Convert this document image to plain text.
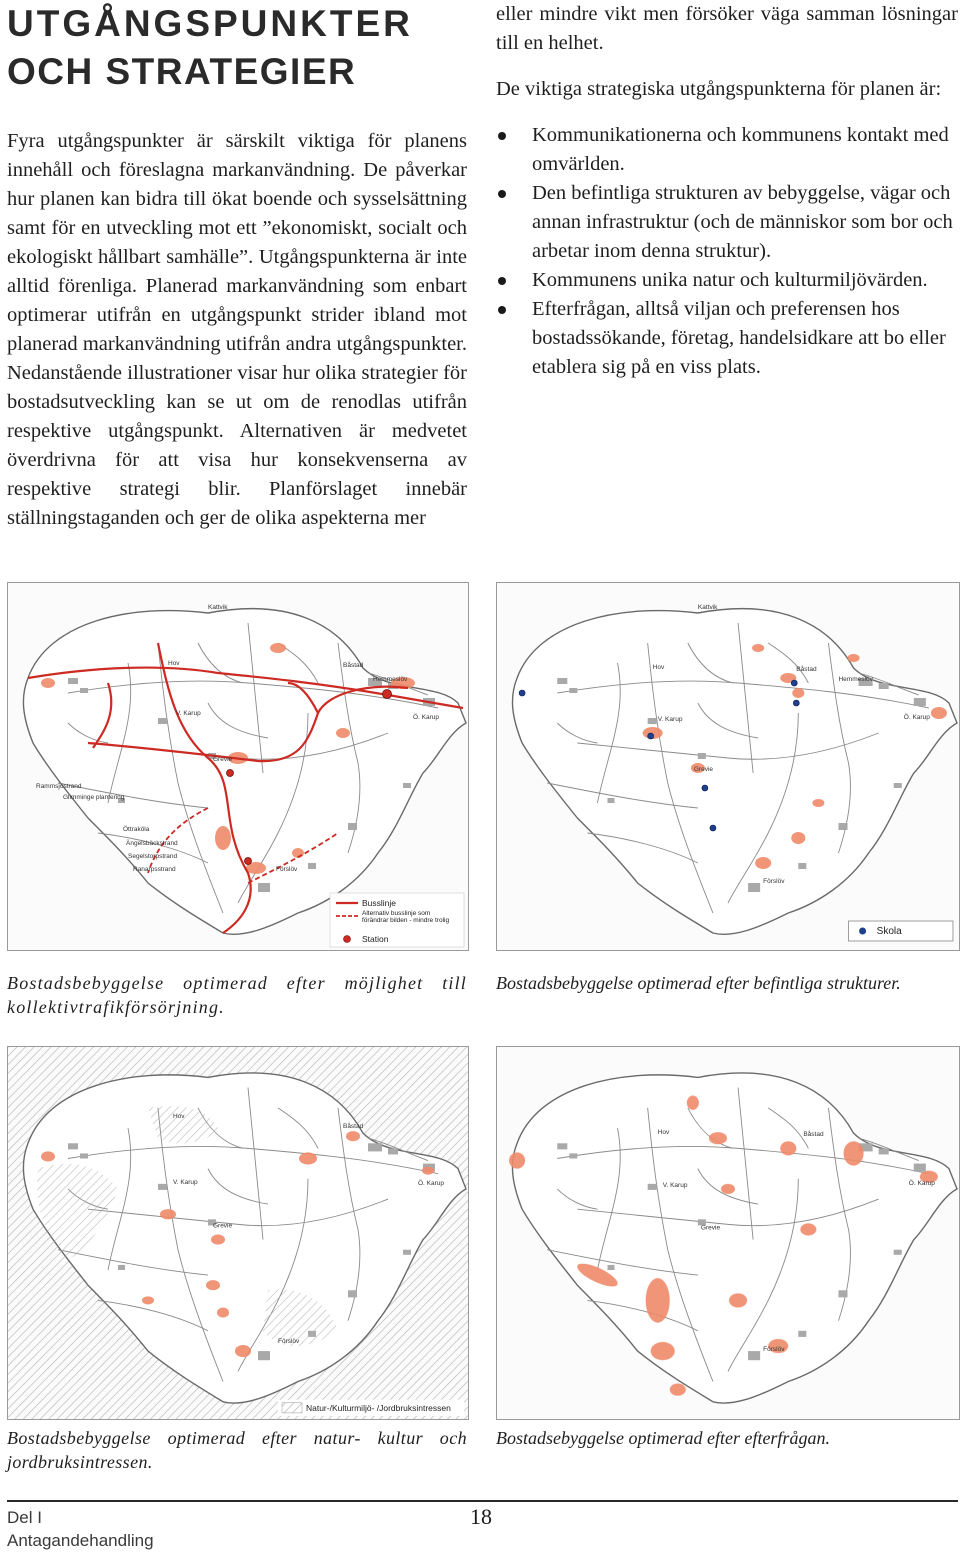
UTGÅNGSPUNKTER
OCH STRATEGIER

Fyra utgångspunkter är särskilt viktiga för planens innehåll och föreslagna markanvändning. De påverkar hur planen kan bidra till ökat boende och sysselsättning samt för en utveckling mot ett ”ekonomiskt, socialt och ekologiskt hållbart samhälle”. Utgångspunkterna är inte alltid förenliga. Planerad markanvändning som enbart optimerar utifrån en utgångspunkt strider ibland mot planerad markanvändning utifrån andra utgångspunkter. Nedanstående illustrationer visar hur olika strategier för bostadsutveckling kan se ut om de renodlas utifrån respektive utgångspunkt. Alternativen är medvetet överdrivna för att visa hur konsekvenserna av respektive strategi blir. Planförslaget innebär ställningstaganden och ger de olika aspekterna mer

eller mindre vikt men försöker väga samman lösningar till en helhet.

De viktiga strategiska utgångspunkterna för planen är:

Kommunikationerna och kommunens kontakt med omvärlden.
Den befintliga strukturen av bebyggelse, vägar och annan infrastruktur (och de människor som bor och arbetar inom denna struktur).
Kommunens unika natur och kulturmiljövärden.
Efterfrågan, alltså viljan och preferensen hos bostadssökande, företag, handelsidkare att bo eller etablera sig på en viss plats.
Kattvik
Hov	Båstad
Hemmeslöv
V. Karup
Ö. Karup
Grevie
Rammsjöstrand
Glimminge plantering
Öttraköla
Ängelsbäckstrand
Segelstorpstrand
Ranarpsstrand	Förslöv
Busslinje
Alternativ busslinje som förändrar bilden - mindre trolig
Station
Kattvik
Hov	Båstad
Hemmeslöv
V. Karup	Ö. Karup
Grevie
Förslöv
Skola

Bostadsbebyggelse optimerad efter möjlighet till kollektivtrafikförsörjning.

Bostadsbebyggelse optimerad efter befintliga strukturer.

Hov
Båstad
V. Karup	Ö. Karup
Grevie
Förslöv
Natur-/Kulturmiljö- /Jordbruksintressen
Hov	Båstad
V. Karup	Ö. Karup
Grevie
Förslöv

Bostadsbebyggelse optimerad efter natur- kultur och jordbruksintressen.

Bostadsebyggelse optimerad efter efterfrågan.

Del I
Antagandehandling
18
